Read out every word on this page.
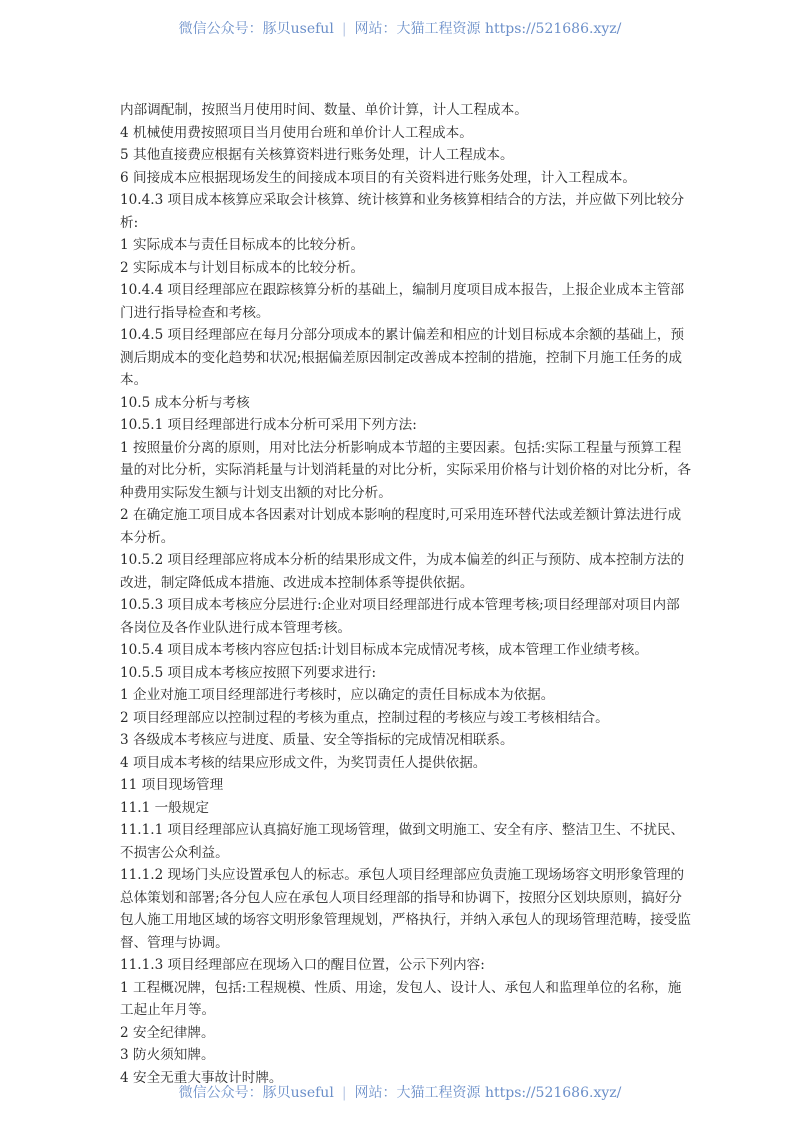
微信公众号：豚贝useful | 网站：大猫工程资源 https://521686.xyz/
内部调配制，按照当月使用时间、数量、单价计算，计人工程成本。
4 机械使用费按照项目当月使用台班和单价计人工程成本。
5 其他直接费应根据有关核算资料进行账务处理，计人工程成本。
6 间接成本应根据现场发生的间接成本项目的有关资料进行账务处理，计入工程成本。
10.4.3 项目成本核算应采取会计核算、统计核算和业务核算相结合的方法，并应做下列比较分
析:
1 实际成本与责任目标成本的比较分析。
2 实际成本与计划目标成本的比较分析。
10.4.4 项目经理部应在跟踪核算分析的基础上，编制月度项目成本报告，上报企业成本主管部
门进行指导检查和考核。
10.4.5 项目经理部应在每月分部分项成本的累计偏差和相应的计划目标成本余额的基础上，预
测后期成本的变化趋势和状况;根据偏差原因制定改善成本控制的措施，控制下月施工任务的成
本。
10.5 成本分析与考核
10.5.1 项目经理部进行成本分析可采用下列方法:
1 按照量价分离的原则，用对比法分析影响成本节超的主要因素。包括:实际工程量与预算工程
量的对比分析，实际消耗量与计划消耗量的对比分析，实际采用价格与计划价格的对比分析，各
种费用实际发生额与计划支出额的对比分析。
2 在确定施工项目成本各因素对计划成本影响的程度时,可采用连环替代法或差额计算法进行成
本分析。
10.5.2 项目经理部应将成本分析的结果形成文件，为成本偏差的纠正与预防、成本控制方法的
改进，制定降低成本措施、改进成本控制体系等提供依据。
10.5.3 项目成本考核应分层进行:企业对项目经理部进行成本管理考核;项目经理部对项目内部
各岗位及各作业队进行成本管理考核。
10.5.4 项目成本考核内容应包括:计划目标成本完成情况考核，成本管理工作业绩考核。
10.5.5 项目成本考核应按照下列要求进行:
1 企业对施工项目经理部进行考核时，应以确定的责任目标成本为依据。
2 项目经理部应以控制过程的考核为重点，控制过程的考核应与竣工考核相结合。
3 各级成本考核应与进度、质量、安全等指标的完成情况相联系。
4 项目成本考核的结果应形成文件，为奖罚责任人提供依据。
11 项目现场管理
11.1 一般规定
11.1.1 项目经理部应认真搞好施工现场管理，做到文明施工、安全有序、整洁卫生、不扰民、
不损害公众利益。
11.1.2 现场门头应设置承包人的标志。承包人项目经理部应负责施工现场场容文明形象管理的
总体策划和部署;各分包人应在承包人项目经理部的指导和协调下，按照分区划块原则，搞好分
包人施工用地区域的场容文明形象管理规划，严格执行，并纳入承包人的现场管理范畴，接受监
督、管理与协调。
11.1.3 项目经理部应在现场入口的醒目位置，公示下列内容:
1 工程概况牌，包括:工程规模、性质、用途，发包人、设计人、承包人和监理单位的名称，施
工起止年月等。
2 安全纪律牌。
3 防火须知牌。
4 安全无重大事故计时牌。
微信公众号：豚贝useful | 网站：大猫工程资源 https://521686.xyz/
